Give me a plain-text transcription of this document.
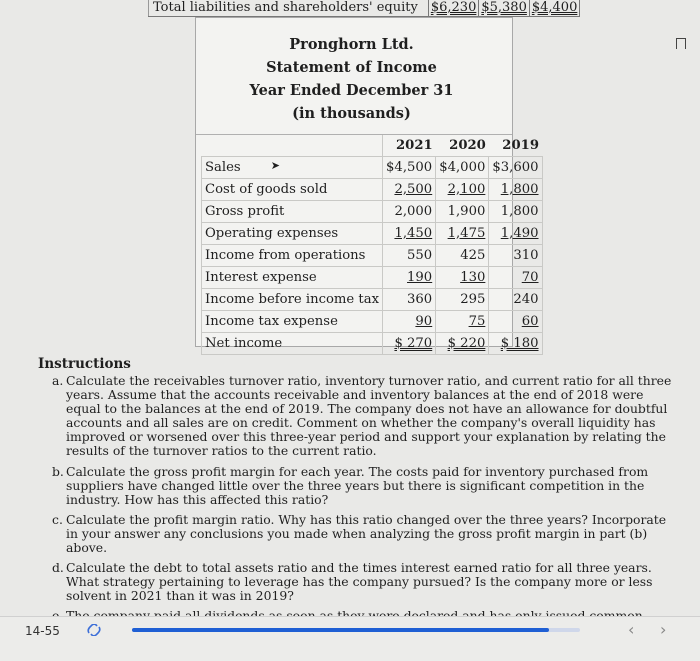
Total liabilities and shareholders' equity	$6,230 $5,380 $4,400
Pronghorn Ltd.
Statement of Income
Year Ended December 31
(in thousands)
	2021	2020	2019
Sales ➤	$4,500	$4,000	$3,600
Cost of goods sold	2,500	2,100	1,800
Gross profit	2,000	1,900	1,800
Operating expenses	1,450	1,475	1,490
Income from operations	550	425	310
Interest expense	190	130	70
Income before income tax	360	295	240
Income tax expense	90	75	60
Net income	$ 270	$ 220	$ 180
Instructions
a. Calculate the receivables turnover ratio, inventory turnover ratio, and current ratio for all three years. Assume that the accounts receivable and inventory balances at the end of 2018 were equal to the balances at the end of 2019. The company does not have an allowance for doubtful accounts and all sales are on credit. Comment on whether the company's overall liquidity has improved or worsened over this three-year period and support your explanation by relating the results of the turnover ratios to the current ratio.
b. Calculate the gross profit margin for each year. The costs paid for inventory purchased from suppliers have changed little over the three years but there is significant competition in the industry. How has this affected this ratio?
c. Calculate the profit margin ratio. Why has this ratio changed over the three years? Incorporate in your answer any conclusions you made when analyzing the gross profit margin in part (b) above.
d. Calculate the debt to total assets ratio and the times interest earned ratio for all three years. What strategy pertaining to leverage has the company pursued? Is the company more or less solvent in 2021 than it was in 2019?
14-55	‹ ›
